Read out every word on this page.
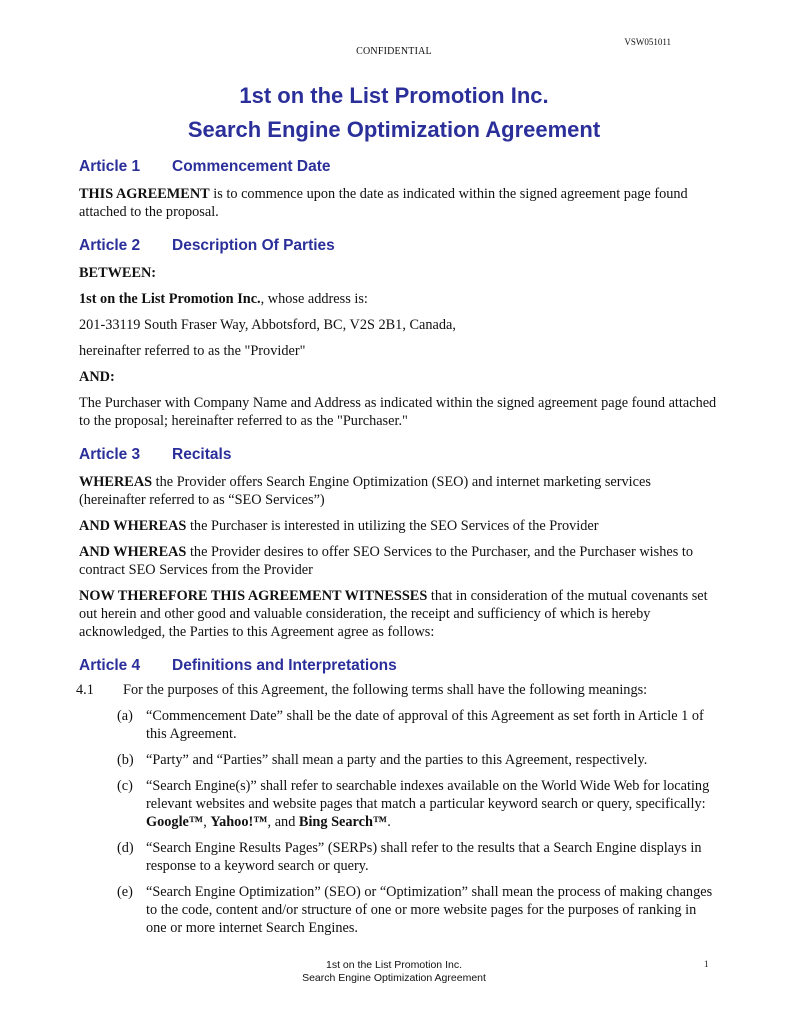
VSW051011
CONFIDENTIAL
1st on the List Promotion Inc.
Search Engine Optimization Agreement
Article 1	Commencement Date

THIS AGREEMENT is to commence upon the date as indicated within the signed agreement page found attached to the proposal.

Article 2	Description Of Parties

BETWEEN:

1st on the List Promotion Inc., whose address is:

201-33119 South Fraser Way, Abbotsford, BC, V2S 2B1, Canada,

hereinafter referred to as the "Provider"

AND:

The Purchaser with Company Name and Address as indicated within the signed agreement page found attached to the proposal; hereinafter referred to as the "Purchaser."

Article 3	Recitals

WHEREAS the Provider offers Search Engine Optimization (SEO) and internet marketing services (hereinafter referred to as “SEO Services”)

AND WHEREAS the Purchaser is interested in utilizing the SEO Services of the Provider

AND WHEREAS the Provider desires to offer SEO Services to the Purchaser, and the Purchaser wishes to contract SEO Services from the Provider

NOW THEREFORE THIS AGREEMENT WITNESSES that in consideration of the mutual covenants set out herein and other good and valuable consideration, the receipt and sufficiency of which is hereby acknowledged, the Parties to this Agreement agree as follows:

Article 4	Definitions and Interpretations
4.1	For the purposes of this Agreement, the following terms shall have the following meanings:
(a) “Commencement Date” shall be the date of approval of this Agreement as set forth in Article 1 of this Agreement.
(b) “Party” and “Parties” shall mean a party and the parties to this Agreement, respectively.
(c) “Search Engine(s)” shall refer to searchable indexes available on the World Wide Web for locating relevant websites and website pages that match a particular keyword search or query, specifically: Google™, Yahoo!™, and Bing Search™.
(d) “Search Engine Results Pages” (SERPs) shall refer to the results that a Search Engine displays in response to a keyword search or query.
(e) “Search Engine Optimization” (SEO) or “Optimization” shall mean the process of making changes to the code, content and/or structure of one or more website pages for the purposes of ranking in one or more internet Search Engines.
1st on the List Promotion Inc.
Search Engine Optimization Agreement
1
